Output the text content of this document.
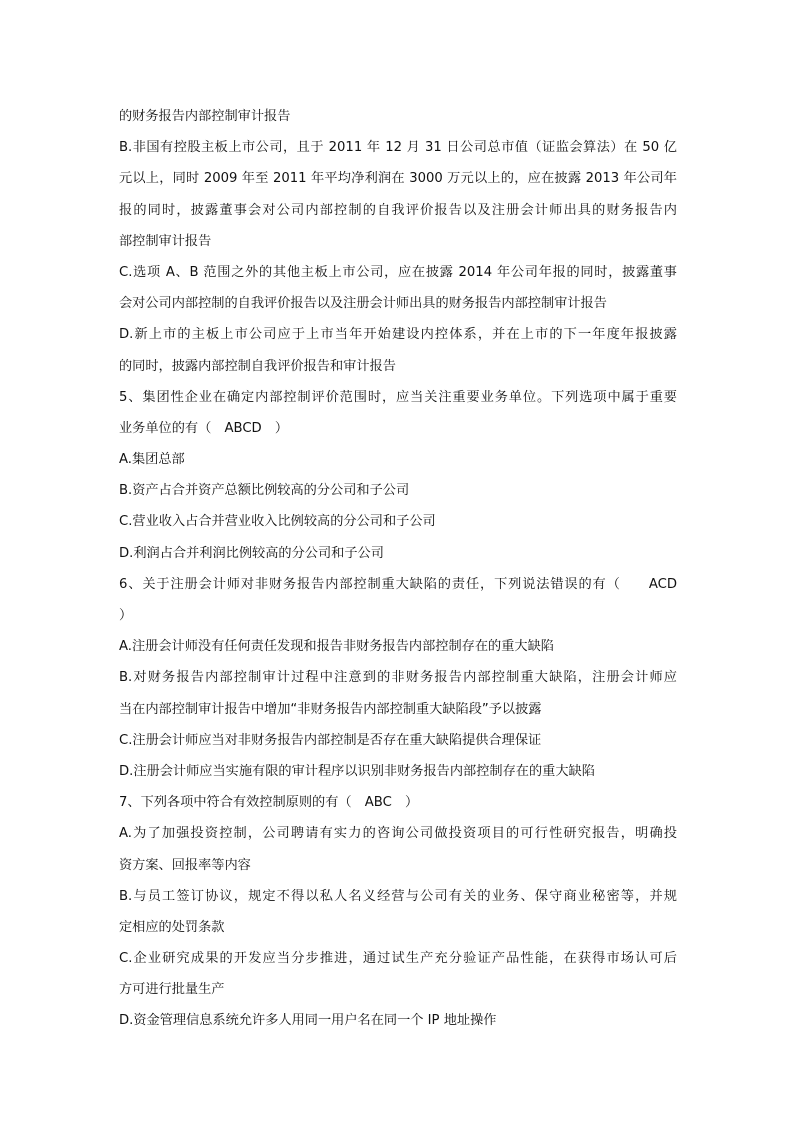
的财务报告内部控制审计报告
B.非国有控股主板上市公司，且于 2011 年 12 月 31 日公司总市值（证监会算法）在 50 亿
元以上，同时 2009 年至 2011 年平均净利润在 3000 万元以上的，应在披露 2013 年公司年
报的同时，披露董事会对公司内部控制的自我评价报告以及注册会计师出具的财务报告内
部控制审计报告
C.选项 A、B 范围之外的其他主板上市公司，应在披露 2014 年公司年报的同时，披露董事
会对公司内部控制的自我评价报告以及注册会计师出具的财务报告内部控制审计报告
D.新上市的主板上市公司应于上市当年开始建设内控体系，并在上市的下一年度年报披露
的同时，披露内部控制自我评价报告和审计报告
5、集团性企业在确定内部控制评价范围时，应当关注重要业务单位。下列选项中属于重要
业务单位的有（　ABCD　）
A.集团总部
B.资产占合并资产总额比例较高的分公司和子公司
C.营业收入占合并营业收入比例较高的分公司和子公司
D.利润占合并利润比例较高的分公司和子公司
6、关于注册会计师对非财务报告内部控制重大缺陷的责任，下列说法错误的有（　　ACD
）
A.注册会计师没有任何责任发现和报告非财务报告内部控制存在的重大缺陷
B.对财务报告内部控制审计过程中注意到的非财务报告内部控制重大缺陷，注册会计师应
当在内部控制审计报告中增加“非财务报告内部控制重大缺陷段”予以披露
C.注册会计师应当对非财务报告内部控制是否存在重大缺陷提供合理保证
D.注册会计师应当实施有限的审计程序以识别非财务报告内部控制存在的重大缺陷
7、下列各项中符合有效控制原则的有（　ABC　）
A.为了加强投资控制，公司聘请有实力的咨询公司做投资项目的可行性研究报告，明确投
资方案、回报率等内容
B.与员工签订协议，规定不得以私人名义经营与公司有关的业务、保守商业秘密等，并规
定相应的处罚条款
C.企业研究成果的开发应当分步推进，通过试生产充分验证产品性能，在获得市场认可后
方可进行批量生产
D.资金管理信息系统允许多人用同一用户名在同一个 IP 地址操作
